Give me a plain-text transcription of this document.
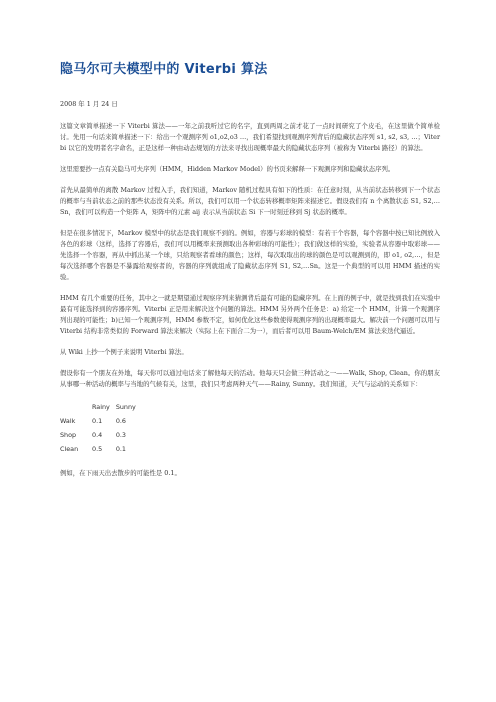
隐马尔可夫模型中的 Viterbi 算法

2008 年 1 月 24 日

这篇文章简单描述一下 Viterbi 算法——一年之前我听过它的名字，直到两周之前才花了一点时间研究了个皮毛，在这里做个简单检讨。先用一句话来简单描述一下：给出一个观测序列 o1,o2,o3 …，我们希望找到观测序列背后的隐藏状态序列 s1, s2, s3, …；Viterbi 以它的发明者名字命名，正是这样一种由动态规划的方法来寻找出现概率最大的隐藏状态序列（被称为 Viterbi 路径）的算法。

这里需要抄一点有关隐马可夫序列（HMM，Hidden Markov Model）的书页来解释一下观测序列和隐藏状态序列。

首先从最简单的离散 Markov 过程入手，我们知道，Markov 随机过程具有如下的性质：在任意时刻，从当前状态转移到下一个状态的概率与当前状态之前的那些状态没有关系。所以，我们可以用一个状态转移概率矩阵来描述它。假设我们有 n 个离散状态 S1, S2,…Sn，我们可以构造一个矩阵 A，矩阵中的元素 aij 表示从当前状态 Si 下一时刻迁移到 Sj 状态的概率。

但是在很多情况下，Markov 模型中的状态是我们观察不到的。例如，容器与彩球的模型：有若干个容器，每个容器中按已知比例放入各色的彩球（这样，选择了容器后，我们可以用概率来预测取出各种彩球的可能性）；我们做这样的实验，实验者从容器中取彩球——先选择一个容器，再从中抓出某一个球，只给观察者看球的颜色；这样，每次取取出的球的颜色是可以观测到的，即 o1, o2,…，但是每次选择哪个容器是不暴露给观察者的，容器的序列就组成了隐藏状态序列 S1, S2,…Sn。这是一个典型的可以用 HMM 描述的实验。

HMM 有几个重要的任务，其中之一就是期望通过观察序列来猜测背后最有可能的隐藏序列。在上面的例子中，就是找到我们在实验中最有可能选择到的容器序列。Viterbi 正是用来解决这个问题的算法。HMM 另外两个任务是：a) 给定一个 HMM，计算一个观测序列出现的可能性；b)已知一个观测序列，HMM 参数不定，如何优化这些参数使得观测序列的出现概率最大。解决前一个问题可以用与 Viterbi 结构非常类似的 Forward 算法来解决（实际上在下面合二为一），而后者可以用 Baum-Welch/EM 算法来迭代逼近。

从 Wiki 上抄一个例子来说明 Viterbi 算法。

假设你有一个朋友在外地，每天你可以通过电话来了解他每天的活动。他每天只会做三种活动之一——Walk, Shop, Clean。你的朋友从事哪一种活动的概率与当地的气候有关，这里，我们只考虑两种天气——Rainy, Sunny。我们知道，天气与运动的关系如下：

	Rainy	Sunny
Walk	0.1	0.6
Shop	0.4	0.3
Clean	0.5	0.1

例如，在下雨天出去散步的可能性是 0.1。
